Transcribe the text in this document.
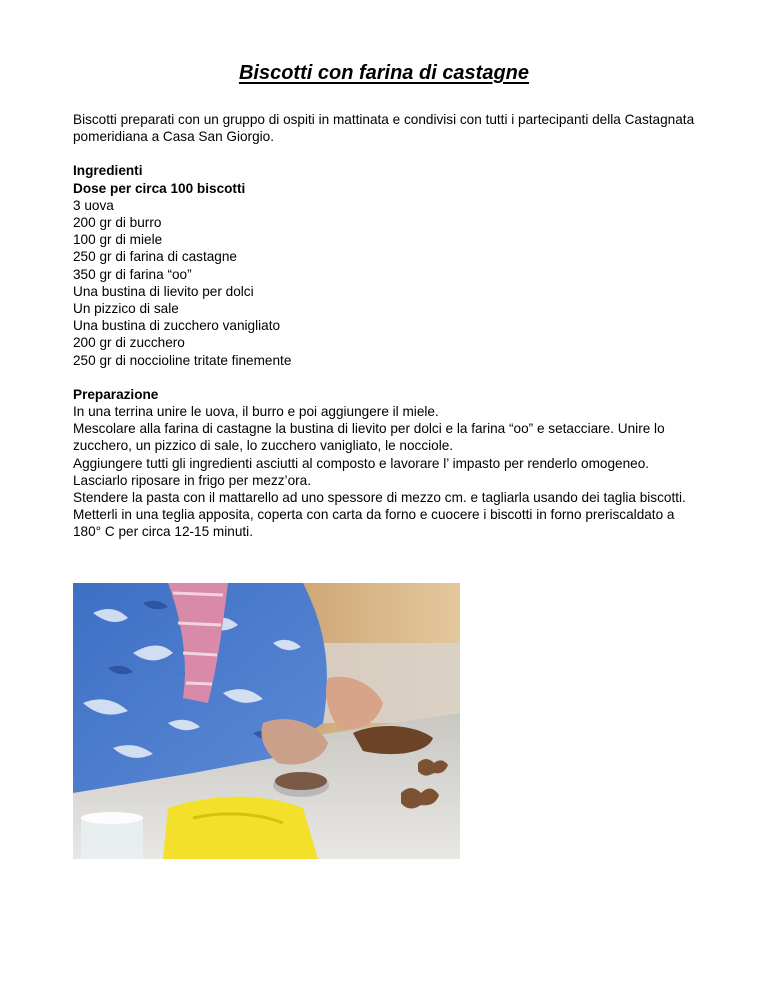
Biscotti con farina di castagne

Biscotti preparati con un gruppo di ospiti in mattinata e condivisi con tutti i partecipanti della Castagnata pomeridiana a Casa San Giorgio.

Ingredienti
Dose per circa 100 biscotti
3 uova
200 gr di burro
100 gr di miele
250 gr di farina di castagne
350 gr di farina “oo”
Una bustina di lievito per dolci
Un pizzico di sale
Una bustina di zucchero vanigliato
200 gr di zucchero
250 gr di noccioline tritate finemente
Preparazione
In una terrina unire le uova, il burro e poi aggiungere il miele.
Mescolare alla farina di castagne la bustina di lievito per dolci e la farina “oo” e setacciare. Unire lo zucchero, un pizzico di sale, lo zucchero vanigliato, le nocciole.
Aggiungere tutti gli ingredienti asciutti al composto e lavorare l’ impasto per renderlo omogeneo.
Lasciarlo riposare in frigo per mezz’ora.
Stendere la pasta con il mattarello ad uno spessore di mezzo cm. e tagliarla usando dei taglia biscotti.
Metterli in una teglia apposita, coperta con carta da forno e cuocere i biscotti in forno preriscaldato a 180° C per circa 12-15 minuti.
